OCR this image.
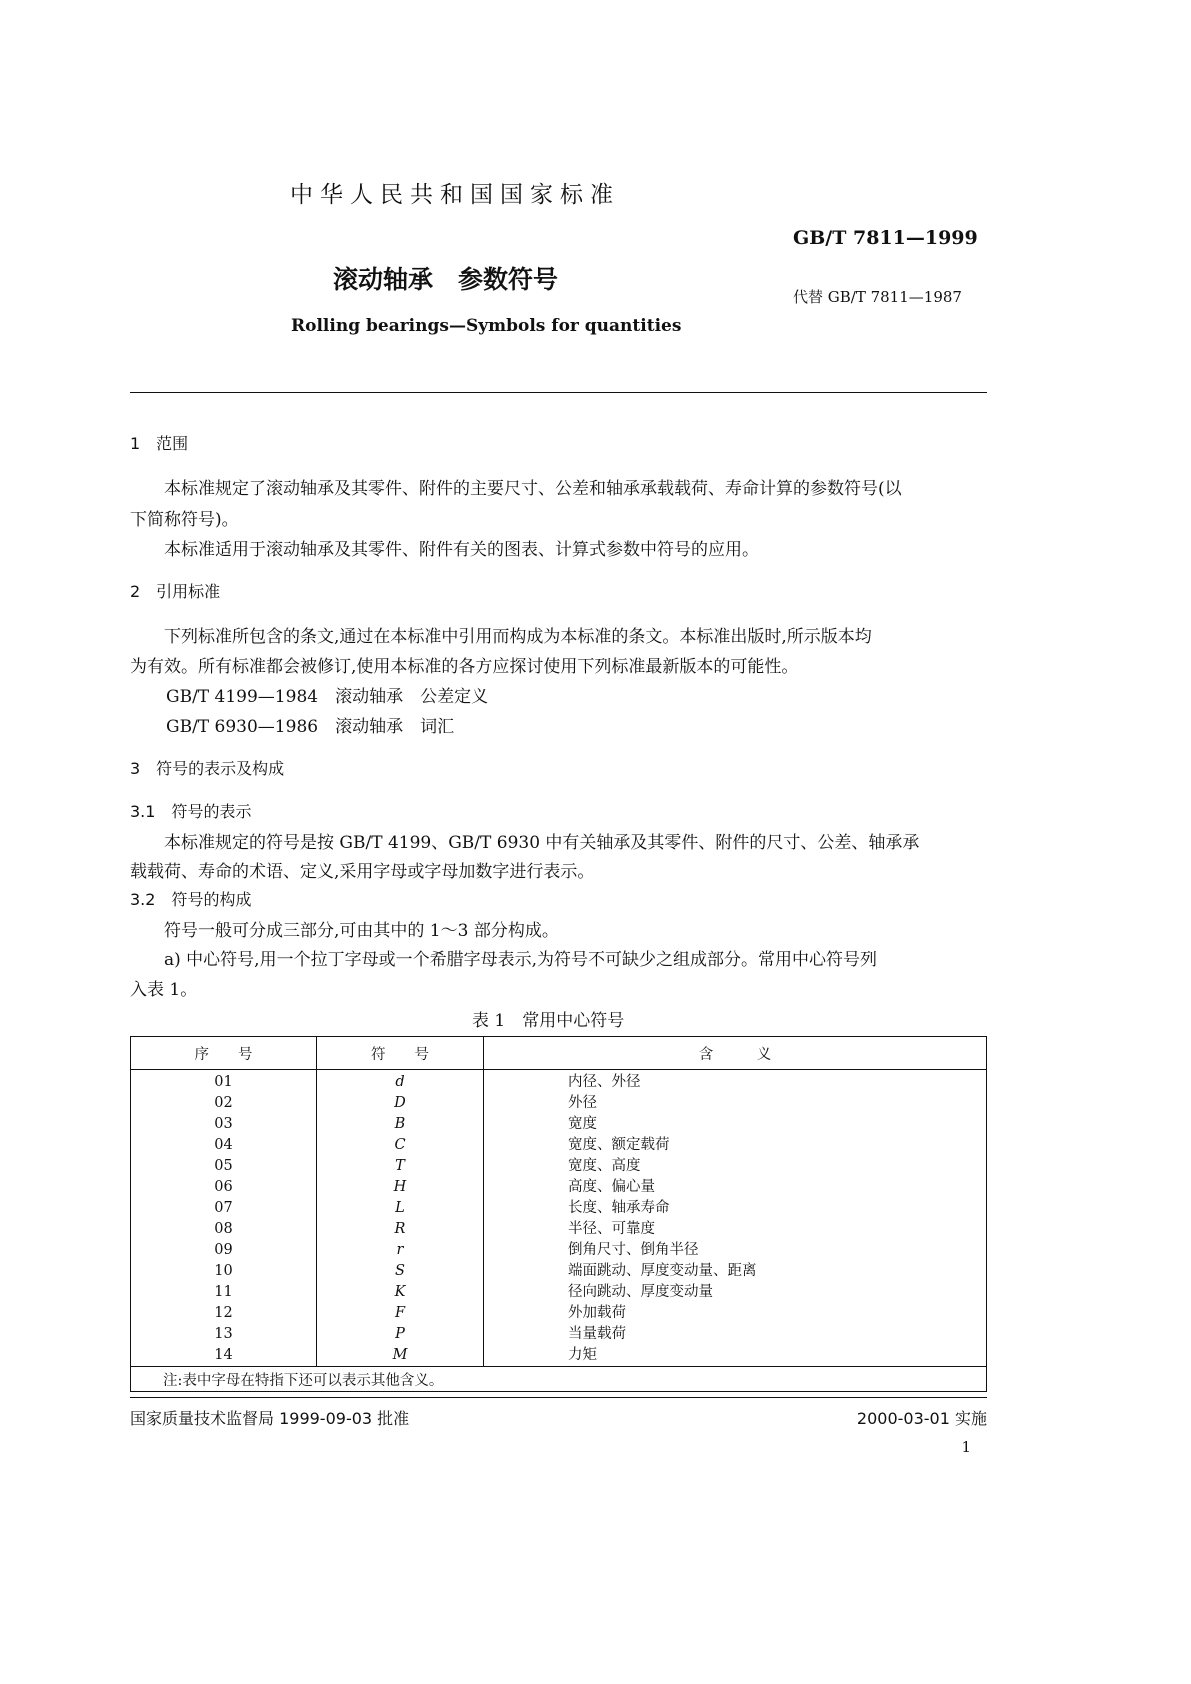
中华人民共和国国家标准
GB/T 7811—1999
滚动轴承　参数符号
代替 GB/T 7811—1987
Rolling bearings—Symbols for quantities
1　范围
　　本标准规定了滚动轴承及其零件、附件的主要尺寸、公差和轴承承载载荷、寿命计算的参数符号(以
下简称符号)。
　　本标准适用于滚动轴承及其零件、附件有关的图表、计算式参数中符号的应用。
2　引用标准
　　下列标准所包含的条文,通过在本标准中引用而构成为本标准的条文。本标准出版时,所示版本均
为有效。所有标准都会被修订,使用本标准的各方应探讨使用下列标准最新版本的可能性。
GB/T 4199—1984　滚动轴承　公差定义
GB/T 6930—1986　滚动轴承　词汇
3　符号的表示及构成
3.1　符号的表示
　　本标准规定的符号是按 GB/T 4199、GB/T 6930 中有关轴承及其零件、附件的尺寸、公差、轴承承
载载荷、寿命的术语、定义,采用字母或字母加数字进行表示。
3.2　符号的构成
　　符号一般可分成三部分,可由其中的 1～3 部分构成。
　　a) 中心符号,用一个拉丁字母或一个希腊字母表示,为符号不可缺少之组成部分。常用中心符号列
入表 1。
表 1　常用中心符号
序　　号	符　　号	含　　　义
01	d	内径、外径
02	D	外径
03	B	宽度
04	C	宽度、额定载荷
05	T	宽度、高度
06	H	高度、偏心量
07	L	长度、轴承寿命
08	R	半径、可靠度
09	r	倒角尺寸、倒角半径
10	S	端面跳动、厚度变动量、距离
11	K	径向跳动、厚度变动量
12	F	外加载荷
13	P	当量载荷
14	M	力矩
注:表中字母在特指下还可以表示其他含义。		
国家质量技术监督局 1999-09-03 批准	2000-03-01 实施
1
